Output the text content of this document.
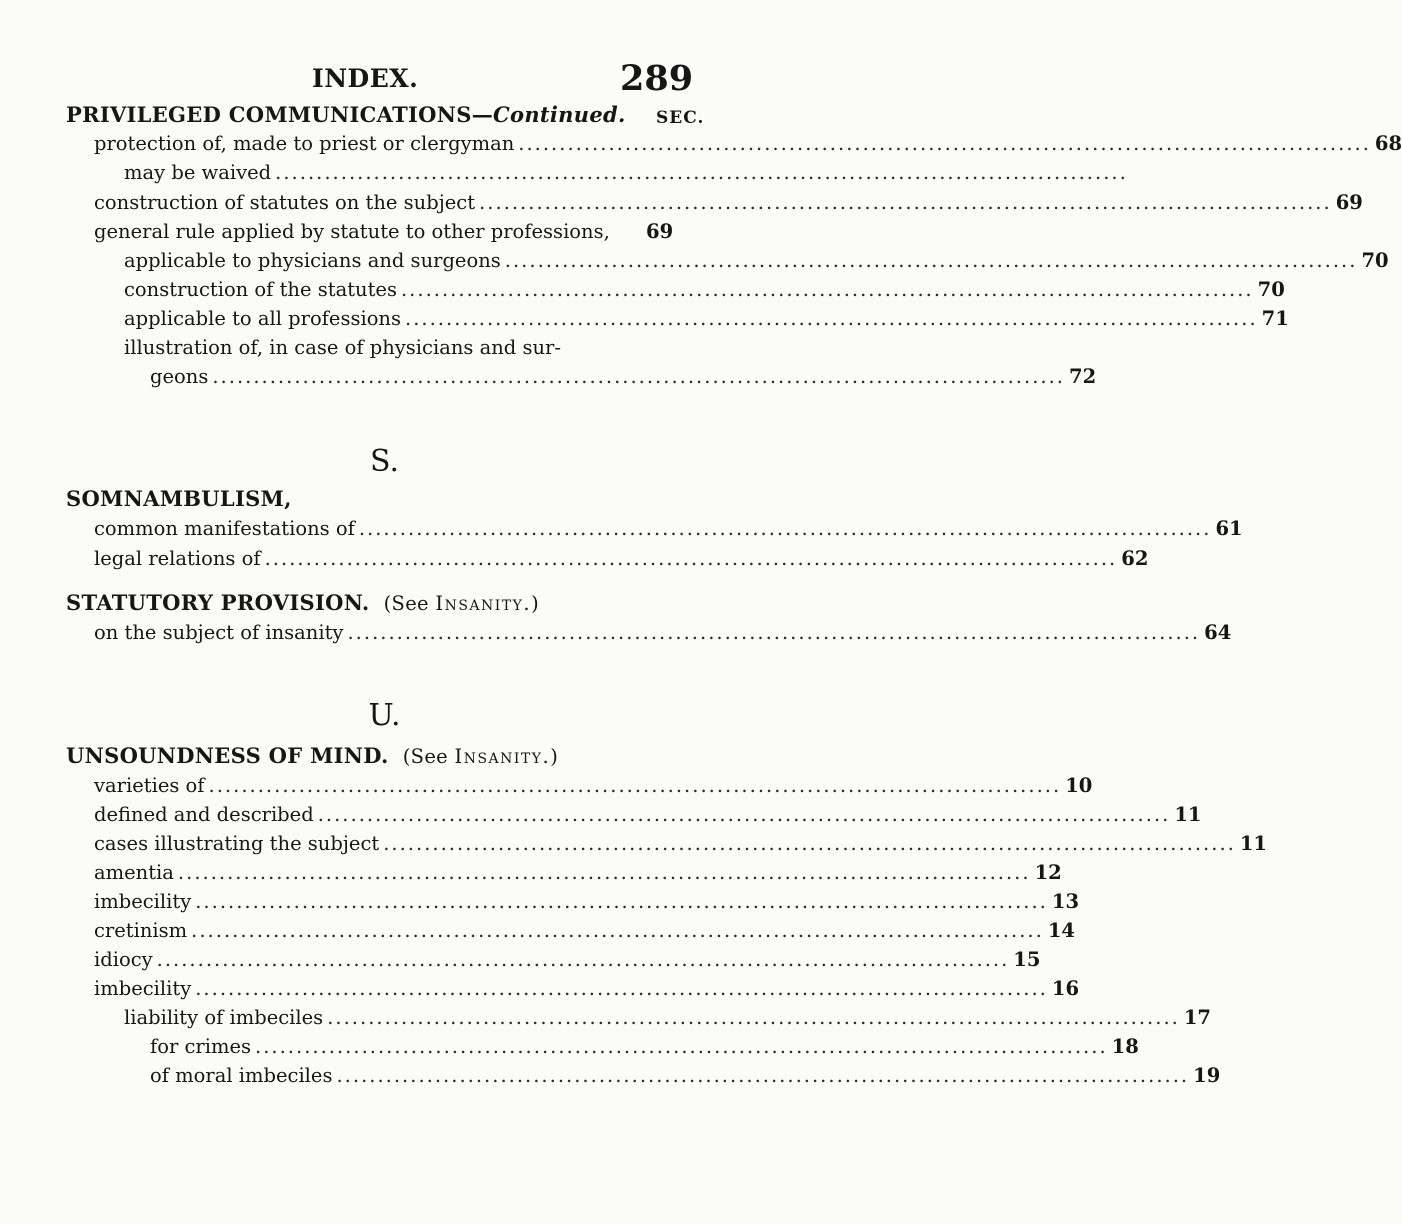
INDEX.	289
PRIVILEGED COMMUNICATIONS—Continued. SEC.
protection of, made to priest or clergyman ........................................................................................................ 68
may be waived ........................................................................................................
construction of statutes on the subject ........................................................................................................ 69
general rule applied by statute to other professions, 69
applicable to physicians and surgeons ........................................................................................................ 70
construction of the statutes ........................................................................................................ 70
applicable to all professions ........................................................................................................ 71
illustration of, in case of physicians and sur-
geons ........................................................................................................ 72
S.
SOMNAMBULISM,
common manifestations of ........................................................................................................ 61
legal relations of ........................................................................................................ 62
STATUTORY PROVISION. (See Insanity.)
on the subject of insanity ........................................................................................................ 64
U.
UNSOUNDNESS OF MIND. (See Insanity.)
varieties of ........................................................................................................ 10
defined and described ........................................................................................................ 11
cases illustrating the subject ........................................................................................................ 11
amentia ........................................................................................................ 12
imbecility ........................................................................................................ 13
cretinism ........................................................................................................ 14
idiocy ........................................................................................................ 15
imbecility ........................................................................................................ 16
liability of imbeciles ........................................................................................................ 17
for crimes ........................................................................................................ 18
of moral imbeciles ........................................................................................................ 19
